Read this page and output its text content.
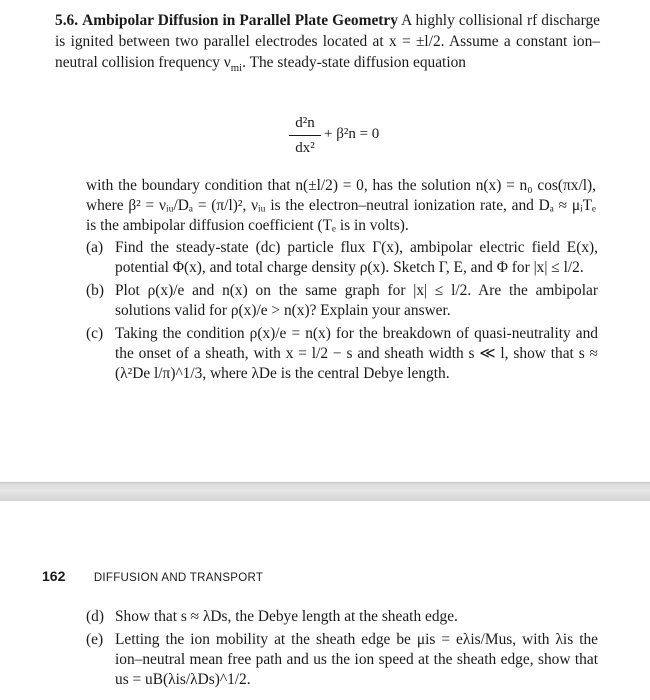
5.6. Ambipolar Diffusion in Parallel Plate Geometry A highly collisional rf discharge is ignited between two parallel electrodes located at x = ±l/2. Assume a constant ion–neutral collision frequency $\nu_{mi}$. The steady-state diffusion equation
d²n
dx²
+ β²n = 0
with the boundary condition that n(±l/2) = 0, has the solution n(x) = n₀ cos(πx/l), where β² = νᵢᵤ/Dₐ = (π/l)², νᵢᵤ is the electron–neutral ionization rate, and Dₐ ≈ μᵢTₑ is the ambipolar diffusion coefficient (Tₑ is in volts).
(a) Find the steady-state (dc) particle flux Γ(x), ambipolar electric field E(x), potential Φ(x), and total charge density ρ(x). Sketch Γ, E, and Φ for |x| ≤ l/2.
(b) Plot ρ(x)/e and n(x) on the same graph for |x| ≤ l/2. Are the ambipolar solutions valid for ρ(x)/e > n(x)? Explain your answer.
(c) Taking the condition ρ(x)/e = n(x) for the breakdown of quasi-neutrality and the onset of a sheath, with x = l/2 − s and sheath width s ≪ l, show that s ≈ (λ²De l/π)^1/3, where λDe is the central Debye length.
162 DIFFUSION AND TRANSPORT
(d) Show that s ≈ λDs, the Debye length at the sheath edge.
(e) Letting the ion mobility at the sheath edge be μis = eλis/Mus, with λis the ion–neutral mean free path and us the ion speed at the sheath edge, show that us = uB(λis/λDs)^1/2.
